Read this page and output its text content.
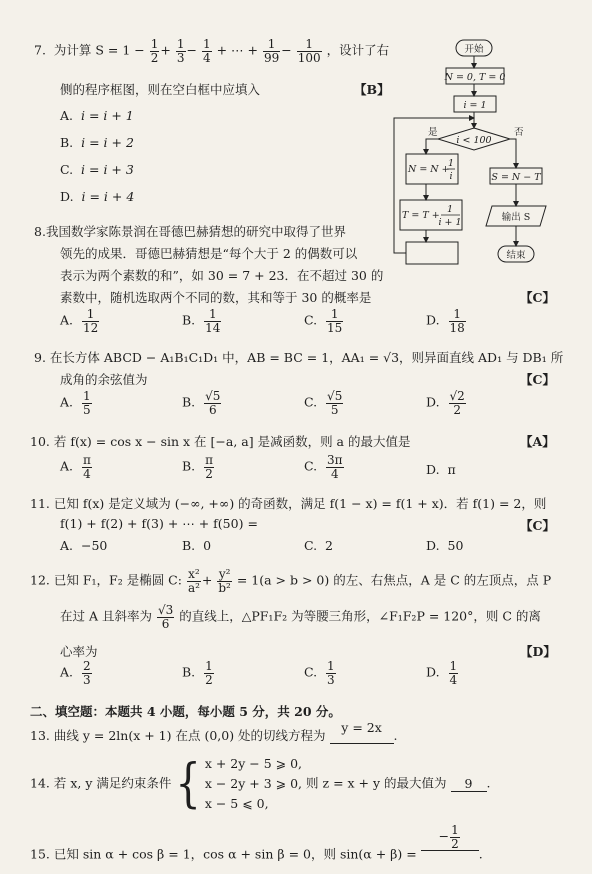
7. 为计算 $S = 1 - \frac{1}{2} + \frac{1}{3} - \frac{1}{4}$ + ⋯ + $\frac{1}{99} - \frac{1}{100}$ ，设计了右
侧的程序框图，则在空白框中应填入	【B】
A. i = i + 1
B. i = i + 2
C. i = i + 3
D. i = i + 4
开始
N = 0, T = 0
i = 1
i < 100
是	否
N = N +
1
i
T = T +
1
i + 1
S = N − T
输出 S
结束
8.我国数学家陈景润在哥德巴赫猜想的研究中取得了世界
领先的成果．哥德巴赫猜想是“每个大于 2 的偶数可以
表示为两个素数的和”，如 30 = 7 + 23．在不超过 30 的
素数中，随机选取两个不同的数，其和等于 30 的概率是	【C】
A. $\frac{1}{12}$	B. $\frac{1}{14}$	C. $\frac{1}{15}$	D. $\frac{1}{18}$
9. 在长方体 ABCD − A₁B₁C₁D₁ 中，AB = BC = 1，AA₁ = √3，则异面直线 AD₁ 与 DB₁ 所
成角的余弦值为	【C】
A. $\frac{1}{5}$	B. $\frac{√5}{6}$	C. $\frac{√5}{5}$	D. $\frac{√2}{2}$
10. 若 f(x) = cos x − sin x 在 [−a, a] 是减函数，则 a 的最大值是	【A】
A. $\frac{\pi}{4}$	B. $\frac{\pi}{2}$	C. $\frac{3\pi}{4}$	D. π
11. 已知 f(x) 是定义域为 (−∞, +∞) 的奇函数，满足 f(1 − x) = f(1 + x)．若 f(1) = 2，则
f(1) + f(2) + f(3) + ⋯ + f(50) =	【C】
A. −50	B. 0	C. 2	D. 50
12. 已知 F₁，F₂ 是椭圆 C: $\frac{\text{x²}}{\text{a²}} + \frac{\text{y²}}{\text{b²}} = 1(a > b > 0)$ 的左、右焦点，A 是 C 的左顶点，点 P
在过 A 且斜率为 $\frac{√3}{6}$ 的直线上，△PF₁F₂ 为等腰三角形，∠F₁F₂P = 120°，则 C 的离
心率为	【D】
A. $\frac{2}{3}$	B. $\frac{1}{2}$	C. $\frac{1}{3}$	D. $\frac{1}{4}$
二、填空题：本题共 4 小题，每小题 5 分，共 20 分。
13. 曲线 y = 2ln(x + 1) 在点 (0,0) 处的切线方程为 y = 2x.
14. 若 x, y 满足约束条件 { x + 2y − 5 ⩾ 0,
x − 2y + 3 ⩾ 0,
x − 5 ⩽ 0,
则 z = x + y 的最大值为 9 .
15. 已知 sin α + cos β = 1，cos α + sin β = 0，则 sin(α + β) = − $\frac{1}{2}$
.
